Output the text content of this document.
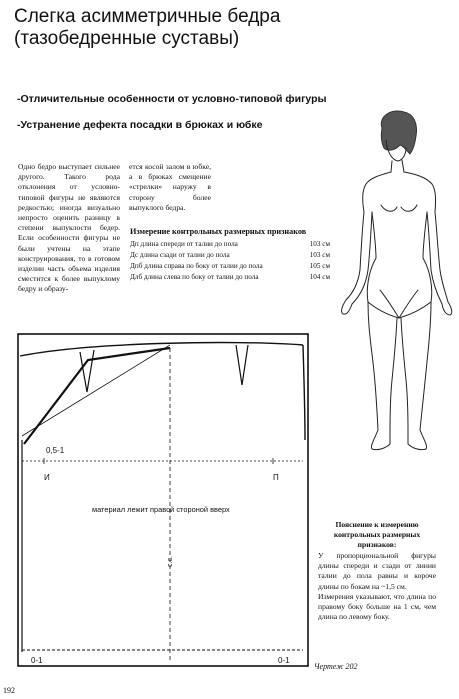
Слегка асимметричные бедра
(тазобедренные суставы)
-Отличительные особенности от условно-типовой фигуры
-Устранение дефекта посадки в брюках и юбке
Одно бедро выступает сильнее другого. Такого рода отклонения от условно-типовой фигуры не являются редкостью; иногда визуально непросто оценить разницу в степени выпуклости бедер. Если особенности фигуры не были учтены на этапе конструирования, то в готовом изделии часть объема изделия сместится к более выпуклому бедру и образу-
ется косой залом в юбке, а в брюках смещение «стрелки» наружу в сторону более выпуклого бедра.
Измерение контрольных размерных признаков
Дп длина спереди от талии до пола	103 см
Дс длина сзади от талии до пола	103 см
Дпб длина справа по боку от талии до пола	105 см
Длб длина слева по боку от талии до пола	104 см
0,5-1
И	П
материал лежит правой стороной вверх
с.с.
0-1	0-1
Пояснение к измерению контрольных размерных признаков:
У пропорциональной фигуры длины спереди и сзади от линии талии до пола равны и короче длины по бокам на ~1,5 см.
Измерения указывают, что длина по правому боку больше на 1 см, чем длина по левому боку.
Чертеж 202
192
